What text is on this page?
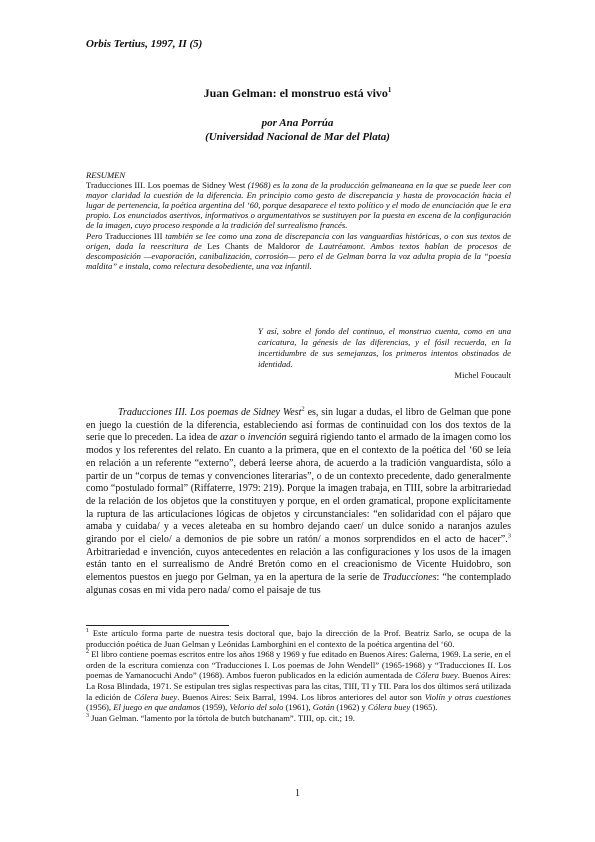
Orbis Tertius, 1997, II (5)
Juan Gelman: el monstruo está vivo$^1$
por Ana Porrúa
(Universidad Nacional de Mar del Plata)

RESUMEN

Traducciones III. Los poemas de Sidney West (1968) es la zona de la producción gelmaneana en la que se puede leer con mayor claridad la cuestión de la diferencia. En principio como gesto de discrepancia y hasta de provocación hacia el lugar de pertenencia, la poética argentina del ‘60, porque desaparece el texto político y el modo de enunciación que le era propio. Los enunciados asertivos, informativos o argumentativos se sustituyen por la puesta en escena de la configuración de la imagen, cuyo proceso responde a la tradición del surrealismo francés.

Pero Traducciones III también se lee como una zona de discrepancia con las vanguardias históricas, o con sus textos de origen, dada la reescritura de Les Chants de Maldoror de Lautréamont. Ambos textos hablan de procesos de descomposición —evaporación, canibalización, corrosión— pero el de Gelman borra la voz adulta propia de la “poesía maldita” e instala, como relectura desobediente, una voz infantil.

Y así, sobre el fondo del continuo, el monstruo cuenta, como en una caricatura, la génesis de las diferencias, y el fósil recuerda, en la incertidumbre de sus semejanzas, los primeros intentos obstinados de identidad.
Michel Foucault

Traducciones III. Los poemas de Sidney West$^2$ es, sin lugar a dudas, el libro de Gelman que pone en juego la cuestión de la diferencia, estableciendo así formas de continuidad con los dos textos de la serie que lo preceden. La idea de azar o invención seguirá rigiendo tanto el armado de la imagen como los modos y los referentes del relato. En cuanto a la primera, que en el contexto de la poética del ‘60 se leía en relación a un referente “externo”, deberá leerse ahora, de acuerdo a la tradición vanguardista, sólo a partir de un “corpus de temas y convenciones literarias”, o de un contexto precedente, dado generalmente como “postulado formal” (Riffaterre, 1979: 219). Porque la imagen trabaja, en TIII, sobre la arbitrariedad de la relación de los objetos que la constituyen y porque, en el orden gramatical, propone explícitamente la ruptura de las articulaciones lógicas de objetos y circunstanciales: “en solidaridad con el pájaro que amaba y cuidaba/ y a veces aleteaba en su hombro dejando caer/ un dulce sonido a naranjos azules girando por el cielo/ a demonios de pie sobre un ratón/ a monos sorprendidos en el acto de hacer”.$^3$ Arbitrariedad e invención, cuyos antecedentes en relación a las configuraciones y los usos de la imagen están tanto en el surrealismo de André Bretón como en el creacionismo de Vicente Huidobro, son elementos puestos en juego por Gelman, ya en la apertura de la serie de Traducciones: “he contemplado algunas cosas en mi vida pero nada/ como el paisaje de tus

$^1$ Este artículo forma parte de nuestra tesis doctoral que, bajo la dirección de la Prof. Beatriz Sarlo, se ocupa de la producción poética de Juan Gelman y Leónidas Lamborghini en el contexto de la poética argentina del ‘60.

$^2$ El libro contiene poemas escritos entre los años 1968 y 1969 y fue editado en Buenos Aires: Galerna, 1969. La serie, en el orden de la escritura comienza con “Traducciones I. Los poemas de John Wendell” (1965-1968) y “Traducciones II. Los poemas de Yamanocuchi Ando” (1968). Ambos fueron publicados en la edición aumentada de Cólera buey. Buenos Aires: La Rosa Blindada, 1971. Se estipulan tres siglas respectivas para las citas, TIII, TI y TII. Para los dos últimos será utilizada la edición de Cólera buey. Buenos Aires: Seix Barral, 1994. Los libros anteriores del autor son Violín y otras cuestiones (1956), El juego en que andamos (1959), Velorio del solo (1961), Gotán (1962) y Cólera buey (1965).

$^3$ Juan Gelman. “lamento por la tórtola de butch butchanam”. TIII, op. cit.; 19.

1
